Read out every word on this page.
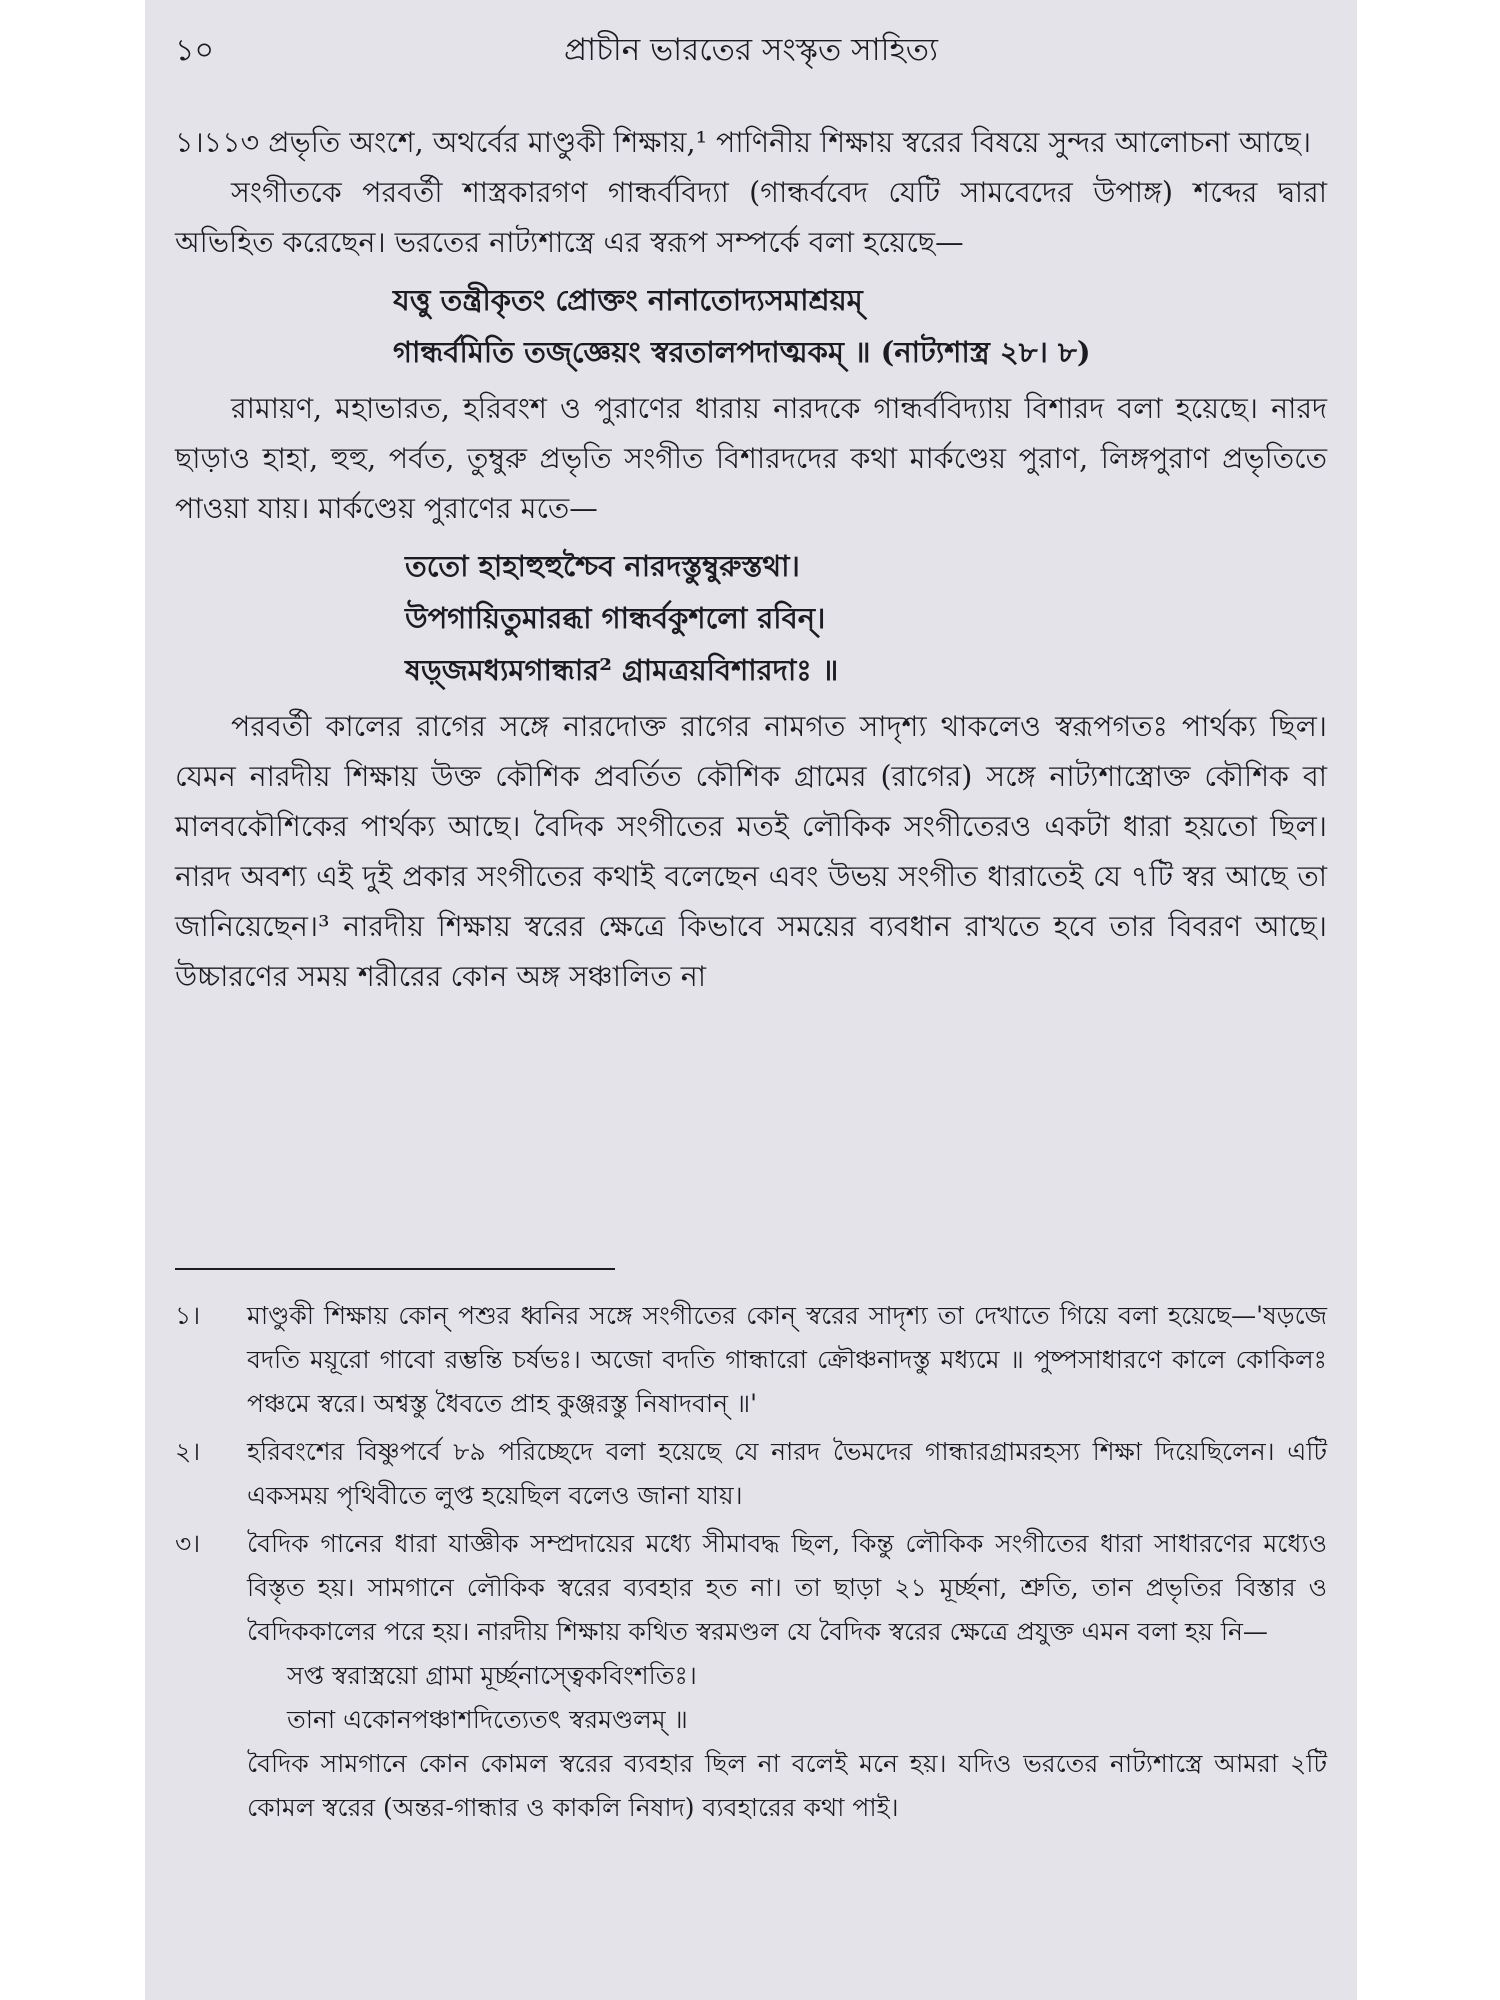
১০	প্রাচীন ভারতের সংস্কৃত সাহিত্য

১।১১৩ প্রভৃতি অংশে, অথর্বের মাণ্ডুকী শিক্ষায়,¹ পাণিনীয় শিক্ষায় স্বরের বিষয়ে সুন্দর আলোচনা আছে।

সংগীতকে পরবর্তী শাস্ত্রকারগণ গান্ধর্ববিদ্যা (গান্ধর্ববেদ যেটি সামবেদের উপাঙ্গ) শব্দের দ্বারা অভিহিত করেছেন। ভরতের নাট্যশাস্ত্রে এর স্বরূপ সম্পর্কে বলা হয়েছে—

যত্তু তন্ত্রীকৃতং প্রোক্তং নানাতোদ্যসমাশ্রয়ম্
গান্ধর্বমিতি তজ্‌জ্ঞেয়ং স্বরতালপদাত্মকম্ ॥ (নাট্যশাস্ত্র ২৮। ৮)

রামায়ণ, মহাভারত, হরিবংশ ও পুরাণের ধারায় নারদকে গান্ধর্ববিদ্যায় বিশারদ বলা হয়েছে। নারদ ছাড়াও হাহা, হুহু, পর্বত, তুম্বুরু প্রভৃতি সংগীত বিশারদদের কথা মার্কণ্ডেয় পুরাণ, লিঙ্গপুরাণ প্রভৃতিতে পাওয়া যায়। মার্কণ্ডেয় পুরাণের মতে—

ততো হাহাহুহুশ্চৈব নারদস্তুম্বুরুস্তথা।
উপগায়িতুমারব্ধা গান্ধর্বকুশলো রবিন্।
ষড়্জমধ্যমগান্ধার² গ্রামত্রয়বিশারদাঃ ॥

পরবর্তী কালের রাগের সঙ্গে নারদোক্ত রাগের নামগত সাদৃশ্য থাকলেও স্বরূপগতঃ পার্থক্য ছিল। যেমন নারদীয় শিক্ষায় উক্ত কৌশিক প্রবর্তিত কৌশিক গ্রামের (রাগের) সঙ্গে নাট্যশাস্ত্রোক্ত কৌশিক বা মালবকৌশিকের পার্থক্য আছে। বৈদিক সংগীতের মতই লৌকিক সংগীতেরও একটা ধারা হয়তো ছিল। নারদ অবশ্য এই দুই প্রকার সংগীতের কথাই বলেছেন এবং উভয় সংগীত ধারাতেই যে ৭টি স্বর আছে তা জানিয়েছেন।³ নারদীয় শিক্ষায় স্বরের ক্ষেত্রে কিভাবে সময়ের ব্যবধান রাখতে হবে তার বিবরণ আছে। উচ্চারণের সময় শরীরের কোন অঙ্গ সঞ্চালিত না

১। মাণ্ডুকী শিক্ষায় কোন্ পশুর ধ্বনির সঙ্গে সংগীতের কোন্ স্বরের সাদৃশ্য তা দেখাতে গিয়ে বলা হয়েছে—'ষড়জে বদতি ময়ূরো গাবো রম্ভন্তি চর্ষভঃ। অজো বদতি গান্ধারো ক্রৌঞ্চনাদস্তু মধ্যমে ॥ পুষ্পসাধারণে কালে কোকিলঃ পঞ্চমে স্বরে। অশ্বস্তু ধৈবতে প্রাহ কুঞ্জরস্তু নিষাদবান্ ॥'
২। হরিবংশের বিষ্ণুপর্বে ৮৯ পরিচ্ছেদে বলা হয়েছে যে নারদ ভৈমদের গান্ধারগ্রামরহস্য শিক্ষা দিয়েছিলেন। এটি একসময় পৃথিবীতে লুপ্ত হয়েছিল বলেও জানা যায়।
৩। বৈদিক গানের ধারা যাজ্ঞীক সম্প্রদায়ের মধ্যে সীমাবদ্ধ ছিল, কিন্তু লৌকিক সংগীতের ধারা সাধারণের মধ্যেও বিস্তৃত হয়। সামগানে লৌকিক স্বরের ব্যবহার হত না। তা ছাড়া ২১ মূর্চ্ছনা, শ্রুতি, তান প্রভৃতির বিস্তার ও বৈদিককালের পরে হয়। নারদীয় শিক্ষায় কথিত স্বরমণ্ডল যে বৈদিক স্বরের ক্ষেত্রে প্রযুক্ত এমন বলা হয় নি—
সপ্ত স্বরাস্ত্রয়ো গ্রামা মূর্চ্ছনাস্ত্বেকবিংশতিঃ।
তানা একোনপঞ্চাশদিত্যেতৎ স্বরমণ্ডলম্ ॥
বৈদিক সামগানে কোন কোমল স্বরের ব্যবহার ছিল না বলেই মনে হয়। যদিও ভরতের নাট্যশাস্ত্রে আমরা ২টি কোমল স্বরের (অন্তর-গান্ধার ও কাকলি নিষাদ) ব্যবহারের কথা পাই।
